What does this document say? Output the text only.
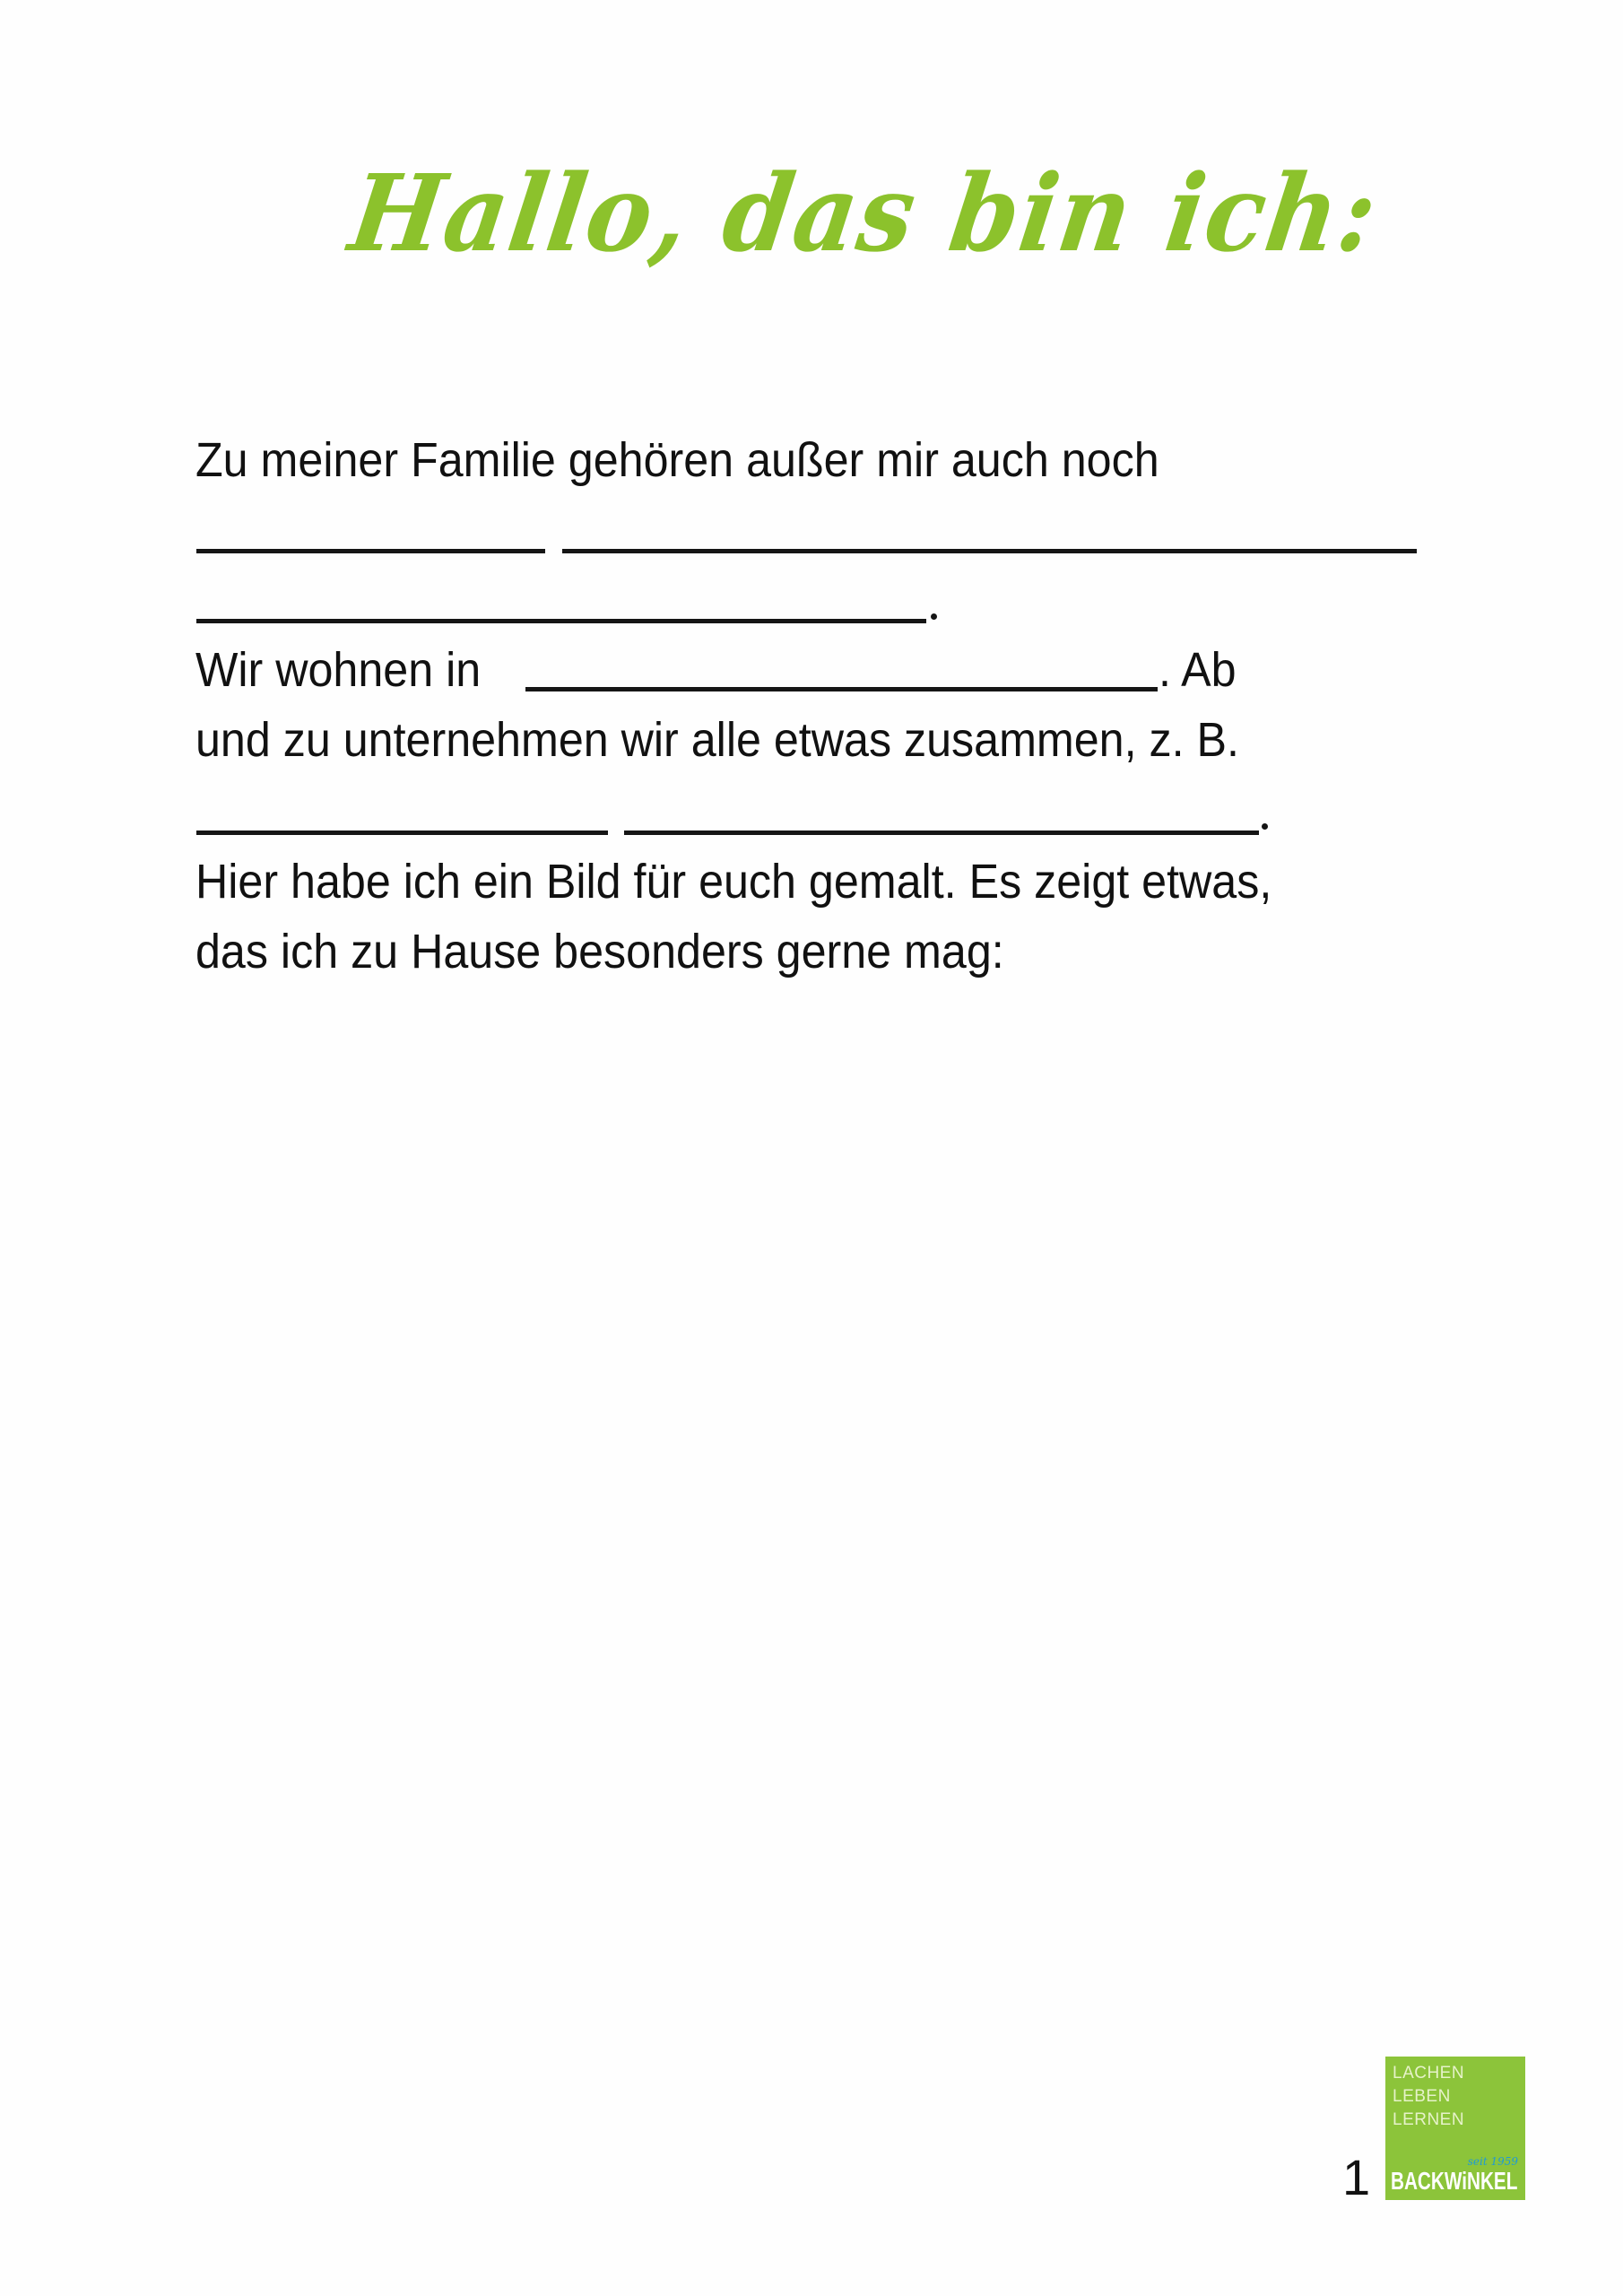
Hallo, das bin ich:
Zu meiner Familie gehören außer mir auch noch
Wir wohnen in	. Ab
und zu unternehmen wir alle etwas zusammen, z. B.
Hier habe ich ein Bild für euch gemalt. Es zeigt etwas,
das ich zu Hause besonders gerne mag:
1
LACHEN
LEBEN
LERNEN
seit 1959
BACKWiNKEL
